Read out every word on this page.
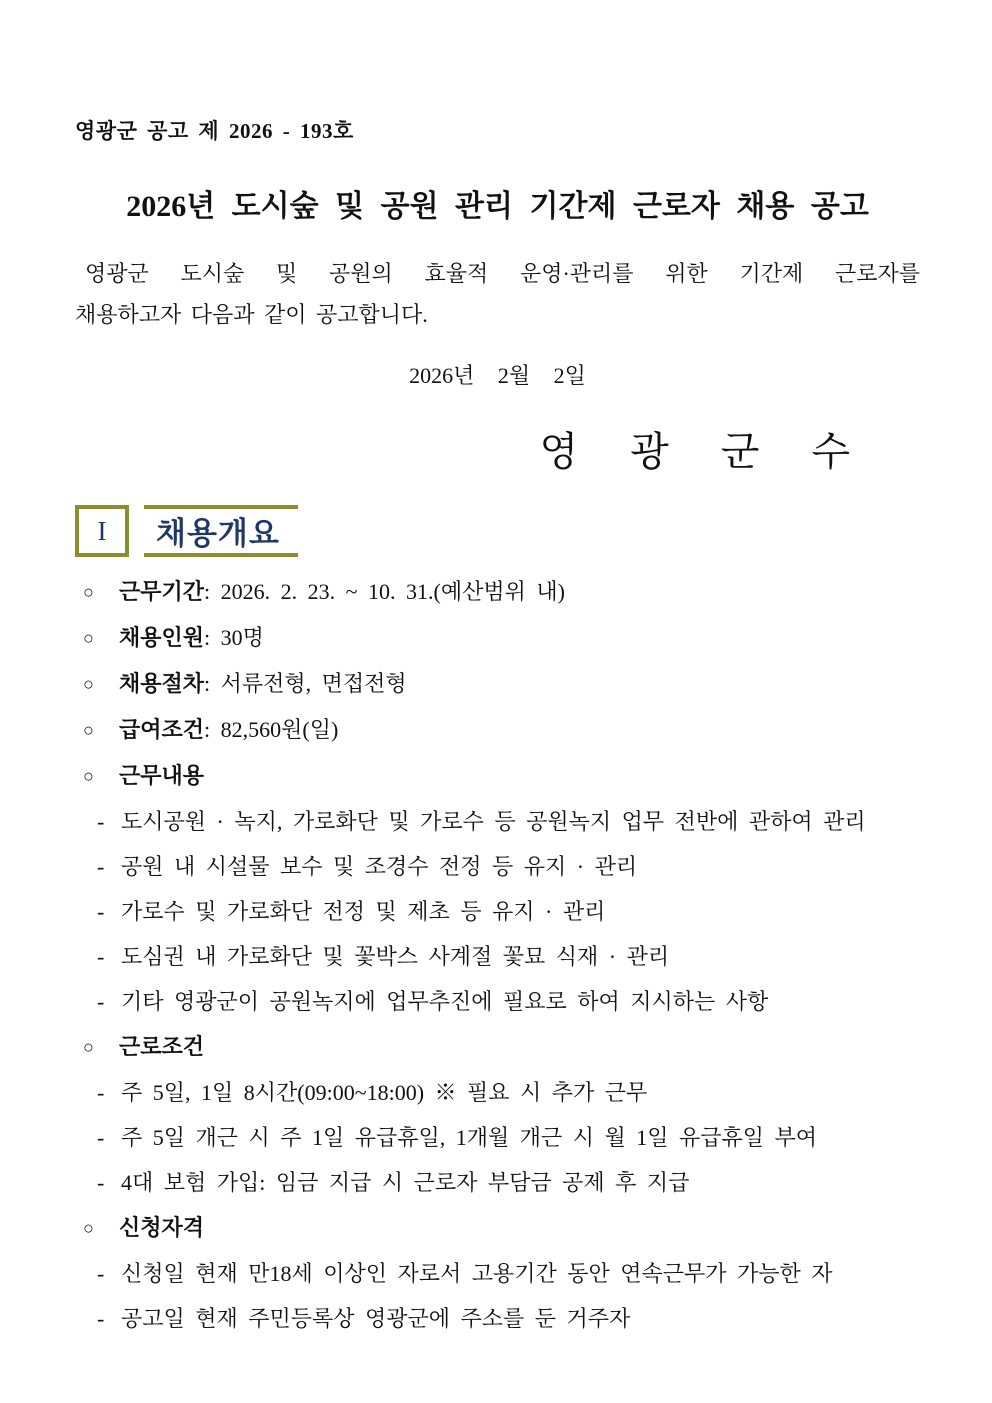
영광군 공고 제 2026 - 193호
2026년 도시숲 및 공원 관리 기간제 근로자 채용 공고
영광군 도시숲 및 공원의 효율적 운영·관리를 위한 기간제 근로자를
채용하고자 다음과 같이 공고합니다.
2026년 2월 2일
영 광 군 수
I	채용개요
○ 근무기간: 2026. 2. 23. ~ 10. 31.(예산범위 내)
○ 채용인원: 30명
○ 채용절차: 서류전형, 면접전형
○ 급여조건: 82,560원(일)
○ 근무내용
- 도시공원 · 녹지, 가로화단 및 가로수 등 공원녹지 업무 전반에 관하여 관리
- 공원 내 시설물 보수 및 조경수 전정 등 유지 · 관리
- 가로수 및 가로화단 전정 및 제초 등 유지 · 관리
- 도심권 내 가로화단 및 꽃박스 사계절 꽃묘 식재 · 관리
- 기타 영광군이 공원녹지에 업무추진에 필요로 하여 지시하는 사항
○ 근로조건
- 주 5일, 1일 8시간(09:00~18:00) ※ 필요 시 추가 근무
- 주 5일 개근 시 주 1일 유급휴일, 1개월 개근 시 월 1일 유급휴일 부여
- 4대 보험 가입: 임금 지급 시 근로자 부담금 공제 후 지급
○ 신청자격
- 신청일 현재 만18세 이상인 자로서 고용기간 동안 연속근무가 가능한 자
- 공고일 현재 주민등록상 영광군에 주소를 둔 거주자
